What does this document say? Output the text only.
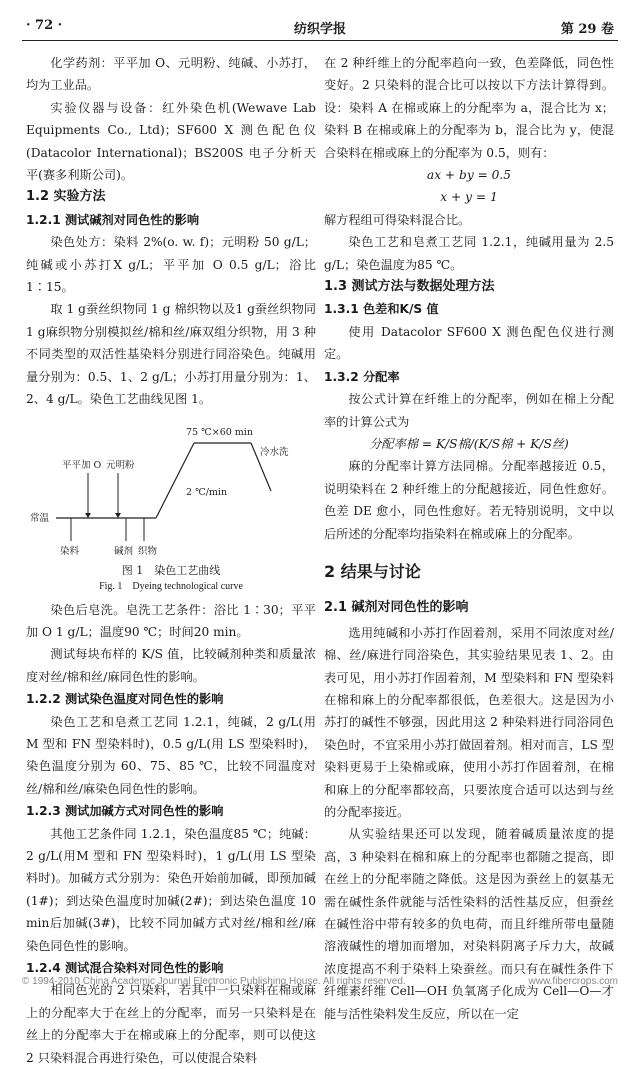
· 72 ·	纺织学报	第 29 卷

化学药剂：平平加 O、元明粉、纯碱、小苏打，均为工业品。

实验仪器与设备：红外染色机(Wewave Lab Equipments Co., Ltd)；SF600 X 测色配色仪(Datacolor International)；BS200S 电子分析天平(赛多利斯公司)。

1.2 实验方法

1.2.1 测试碱剂对同色性的影响

染色处方：染料 2%(o. w. f)；元明粉 50 g/L；纯碱或小苏打X g/L；平平加 O 0.5 g/L；浴比 1∶15。

取 1 g蚕丝织物同 1 g 棉织物以及1 g蚕丝织物同 1 g麻织物分别模拟丝/棉和丝/麻双组分织物，用 3 种不同类型的双活性基染料分别进行同浴染色。纯碱用量分别为：0.5、1、2 g/L；小苏打用量分别为：1、2、4 g/L。染色工艺曲线见图 1。

平平加 O 元明粉
常温
染料	碱剂 织物
75 ℃×60 min
2 ℃/min
冷水洗

图 1　染色工艺曲线

Fig. 1　Dyeing technological curve

染色后皂洗。皂洗工艺条件：浴比 1∶30；平平加 O 1 g/L；温度90 ℃；时间20 min。

测试每块布样的 K/S 值，比较碱剂种类和质量浓度对丝/棉和丝/麻同色性的影响。

1.2.2 测试染色温度对同色性的影响

染色工艺和皂煮工艺同 1.2.1，纯碱，2 g/L(用 M 型和 FN 型染料时)，0.5 g/L(用 LS 型染料时)，染色温度分别为 60、75、85 ℃，比较不同温度对丝/棉和丝/麻染色同色性的影响。

1.2.3 测试加碱方式对同色性的影响

其他工艺条件同 1.2.1，染色温度85 ℃；纯碱：2 g/L(用M 型和 FN 型染料时)，1 g/L(用 LS 型染料时)。加碱方式分别为：染色开始前加碱，即预加碱(1#)；到达染色温度时加碱(2#)；到达染色温度 10 min后加碱(3#)，比较不同加碱方式对丝/棉和丝/麻染色同色性的影响。

1.2.4 测试混合染料对同色性的影响

相同色光的 2 只染料，若其中一只染料在棉或麻上的分配率大于在丝上的分配率，而另一只染料是在丝上的分配率大于在棉或麻上的分配率，则可以使这 2 只染料混合再进行染色，可以使混合染料

在 2 种纤维上的分配率趋向一致，色差降低，同色性变好。2 只染料的混合比可以按以下方法计算得到。设：染料 A 在棉或麻上的分配率为 a，混合比为 x；染料 B 在棉或麻上的分配率为 b，混合比为 y，使混合染料在棉或麻上的分配率为 0.5，则有：

ax + by = 0.5

x + y = 1

解方程组可得染料混合比。

染色工艺和皂煮工艺同 1.2.1，纯碱用量为 2.5 g/L；染色温度为85 ℃。

1.3 测试方法与数据处理方法

1.3.1 色差和K/S 值

使用 Datacolor SF600 X 测色配色仪进行测定。

1.3.2 分配率

按公式计算在纤维上的分配率，例如在棉上分配率的计算公式为

分配率棉 = K/S棉/(K/S棉 + K/S丝)

麻的分配率计算方法同棉。分配率越接近 0.5，说明染料在 2 种纤维上的分配越接近，同色性愈好。色差 DE 愈小，同色性愈好。若无特别说明，文中以后所述的分配率均指染料在棉或麻上的分配率。

2 结果与讨论

2.1 碱剂对同色性的影响

选用纯碱和小苏打作固着剂，采用不同浓度对丝/棉、丝/麻进行同浴染色，其实验结果见表 1、2。由表可见，用小苏打作固着剂，M 型染料和 FN 型染料在棉和麻上的分配率都很低，色差很大。这是因为小苏打的碱性不够强，因此用这 2 种染料进行同浴同色染色时，不宜采用小苏打做固着剂。相对而言，LS 型染料更易于上染棉或麻，使用小苏打作固着剂，在棉和麻上的分配率都较高，只要浓度合适可以达到与丝的分配率接近。

从实验结果还可以发现，随着碱质量浓度的提高，3 种染料在棉和麻上的分配率也都随之提高，即在丝上的分配率随之降低。这是因为蚕丝上的氨基无需在碱性条件就能与活性染料的活性基反应，但蚕丝在碱性浴中带有较多的负电荷，而且纤维所带电量随溶液碱性的增加而增加，对染料阴离子斥力大，故碱浓度提高不利于染料上染蚕丝。而只有在碱性条件下纤维素纤维 Cell—OH 负氧离子化成为 Cell—O—才能与活性染料发生反应，所以在一定

© 1994-2010 China Academic Journal Electronic Publishing House. All rights reserved.	www.fibercrops.com
